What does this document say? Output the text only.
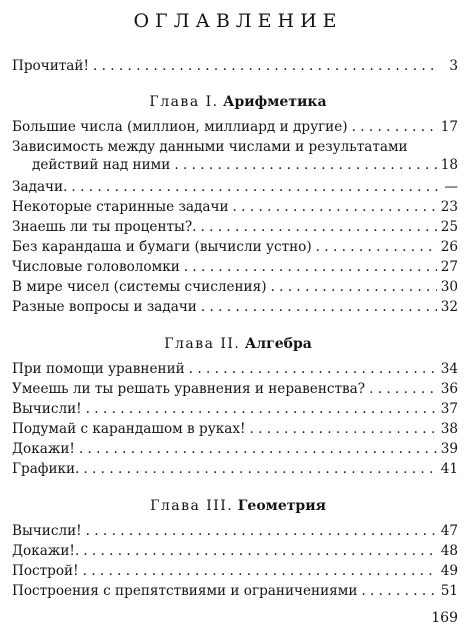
ОГЛАВЛЕНИЕ
Прочитай! . . .	3
Глава I. Арифметика
Большие числа (миллион, миллиард и другие) . . .	17
Зависимость между данными числами и результатами
действий над ними . . .	18
Задачи. . . .	—
Некоторые старинные задачи . . .	23
Знаешь ли ты проценты?. . . .	25
Без карандаша и бумаги (вычисли устно) . . .	26
Числовые головоломки . . .	27
В мире чисел (системы счисления) . . .	30
Разные вопросы и задачи . . .	32
Глава II. Алгебра
При помощи уравнений . . .	34
Умеешь ли ты решать уравнения и неравенства? . . .	36
Вычисли! . . .	37
Подумай с карандашом в руках! . . .	38
Докажи! . . .	39
Графики. . . .	41
Глава III. Геометрия
Вычисли! . . .	47
Докажи!. . . .	48
Построй! . . .	49
Построения с препятствиями и ограничениями . . .	51
169
